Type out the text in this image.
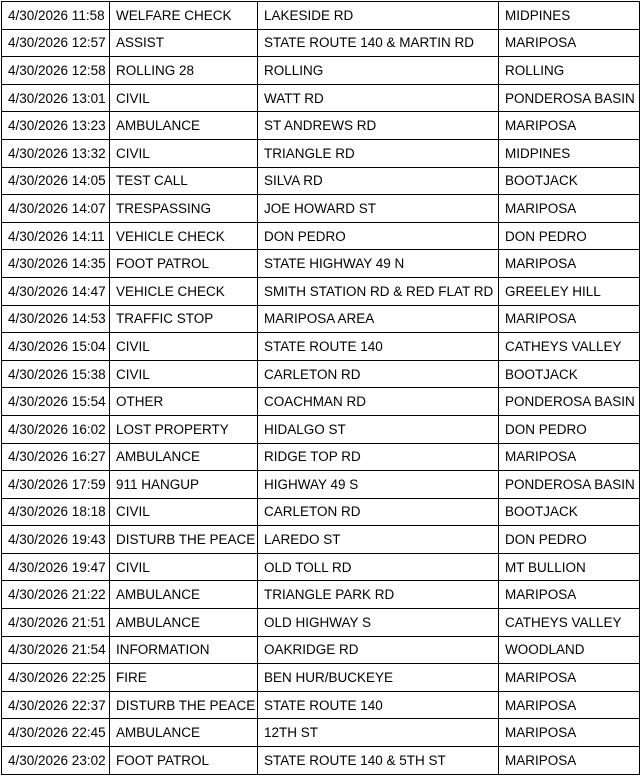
4/30/2026 11:58	WELFARE CHECK	LAKESIDE RD	MIDPINES
4/30/2026 12:57	ASSIST	STATE ROUTE 140 & MARTIN RD	MARIPOSA
4/30/2026 12:58	ROLLING 28	ROLLING	ROLLING
4/30/2026 13:01	CIVIL	WATT RD	PONDEROSA BASIN
4/30/2026 13:23	AMBULANCE	ST ANDREWS RD	MARIPOSA
4/30/2026 13:32	CIVIL	TRIANGLE RD	MIDPINES
4/30/2026 14:05	TEST CALL	SILVA RD	BOOTJACK
4/30/2026 14:07	TRESPASSING	JOE HOWARD ST	MARIPOSA
4/30/2026 14:11	VEHICLE CHECK	DON PEDRO	DON PEDRO
4/30/2026 14:35	FOOT PATROL	STATE HIGHWAY 49 N	MARIPOSA
4/30/2026 14:47	VEHICLE CHECK	SMITH STATION RD & RED FLAT RD	GREELEY HILL
4/30/2026 14:53	TRAFFIC STOP	MARIPOSA AREA	MARIPOSA
4/30/2026 15:04	CIVIL	STATE ROUTE 140	CATHEYS VALLEY
4/30/2026 15:38	CIVIL	CARLETON RD	BOOTJACK
4/30/2026 15:54	OTHER	COACHMAN RD	PONDEROSA BASIN
4/30/2026 16:02	LOST PROPERTY	HIDALGO ST	DON PEDRO
4/30/2026 16:27	AMBULANCE	RIDGE TOP RD	MARIPOSA
4/30/2026 17:59	911 HANGUP	HIGHWAY 49 S	PONDEROSA BASIN
4/30/2026 18:18	CIVIL	CARLETON RD	BOOTJACK
4/30/2026 19:43	DISTURB THE PEACE	LAREDO ST	DON PEDRO
4/30/2026 19:47	CIVIL	OLD TOLL RD	MT BULLION
4/30/2026 21:22	AMBULANCE	TRIANGLE PARK RD	MARIPOSA
4/30/2026 21:51	AMBULANCE	OLD HIGHWAY S	CATHEYS VALLEY
4/30/2026 21:54	INFORMATION	OAKRIDGE RD	WOODLAND
4/30/2026 22:25	FIRE	BEN HUR/BUCKEYE	MARIPOSA
4/30/2026 22:37	DISTURB THE PEACE	STATE ROUTE 140	MARIPOSA
4/30/2026 22:45	AMBULANCE	12TH ST	MARIPOSA
4/30/2026 23:02	FOOT PATROL	STATE ROUTE 140 & 5TH ST	MARIPOSA
